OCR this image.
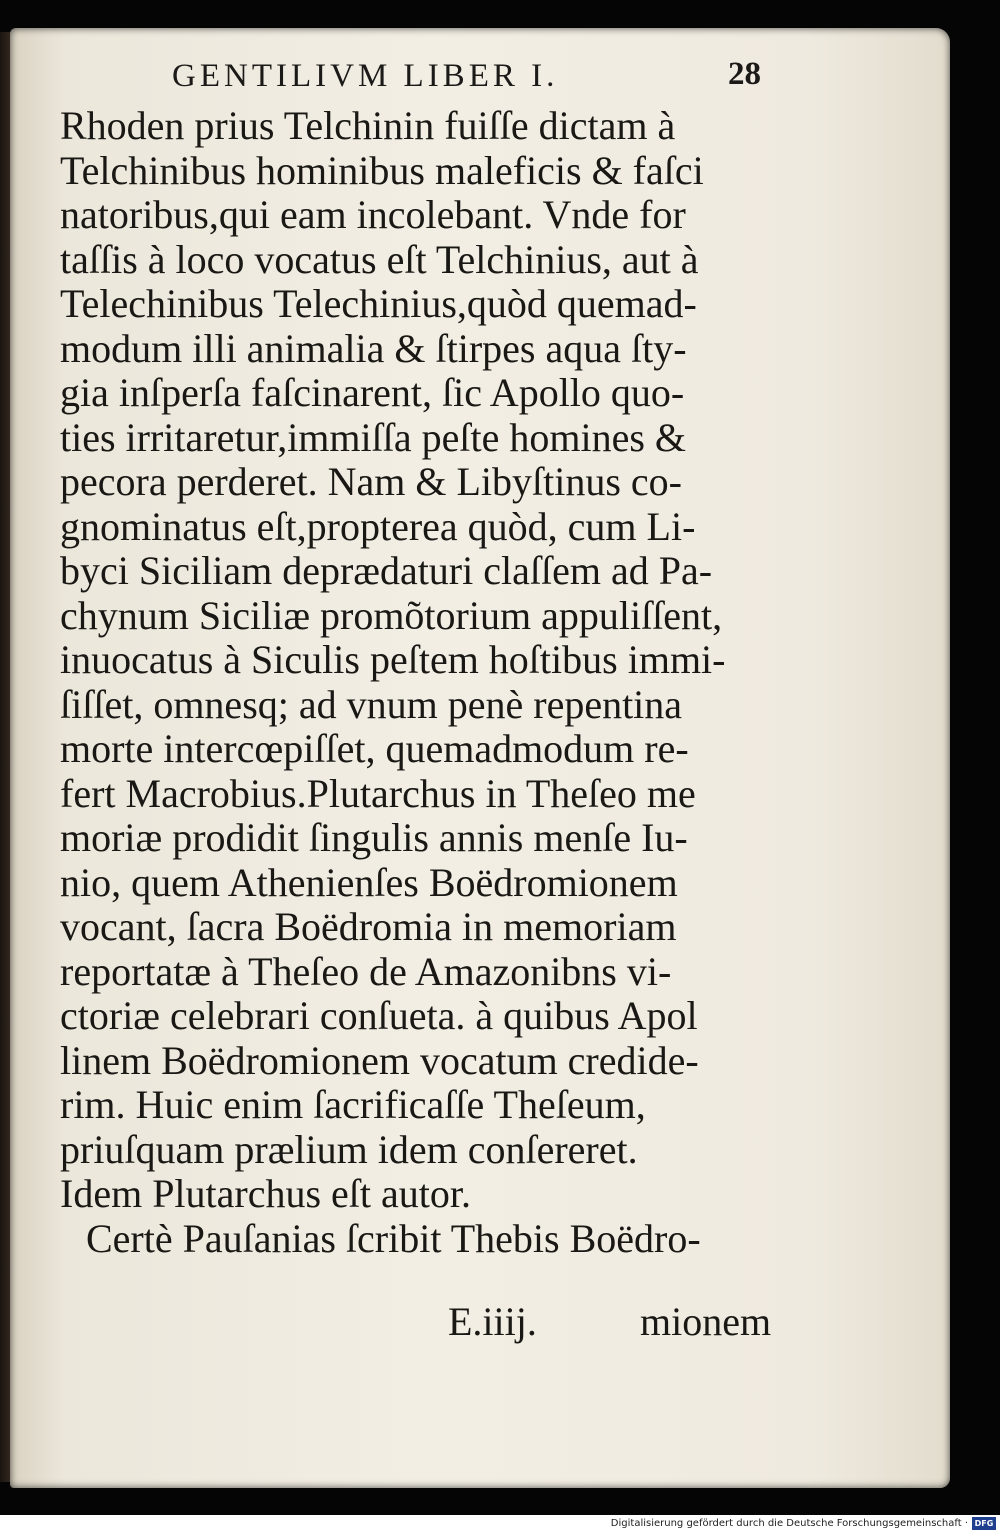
GENTILIVM LIBER I.	28
Rhoden prius Telchinin fuiſſe dictam à
Telchinibus hominibus maleficis & faſci
natoribus,qui eam incolebant. Vnde for
taſſis à loco vocatus eſt Telchinius, aut à
Telechinibus Telechinius,quòd quemad-
modum illi animalia & ſtirpes aqua ſty-
gia inſperſa faſcinarent, ſic Apollo quo-
ties irritaretur,immiſſa peſte homines &
pecora perderet. Nam & Libyſtinus co-
gnominatus eſt,propterea quòd, cum Li-
byci Siciliam deprædaturi claſſem ad Pa-
chynum Siciliæ promõtorium appuliſſent,
inuocatus à Siculis peſtem hoſtibus immi-
ſiſſet, omnesq; ad vnum penè repentina
morte intercœpiſſet, quemadmodum re-
fert Macrobius.Plutarchus in Theſeo me
moriæ prodidit ſingulis annis menſe Iu-
nio, quem Athenienſes Boëdromionem
vocant, ſacra Boëdromia in memoriam
reportatæ à Theſeo de Amazonibns vi-
ctoriæ celebrari conſueta. à quibus Apol
linem Boëdromionem vocatum credide-
rim. Huic enim ſacrificaſſe Theſeum,
priuſquam prælium idem conſereret.
Idem Plutarchus eſt autor.
Certè Pauſanias ſcribit Thebis Boëdro-
E.iiij.	mionem
Digitalisierung gefördert durch die Deutsche Forschungsgemeinschaft · DFG
